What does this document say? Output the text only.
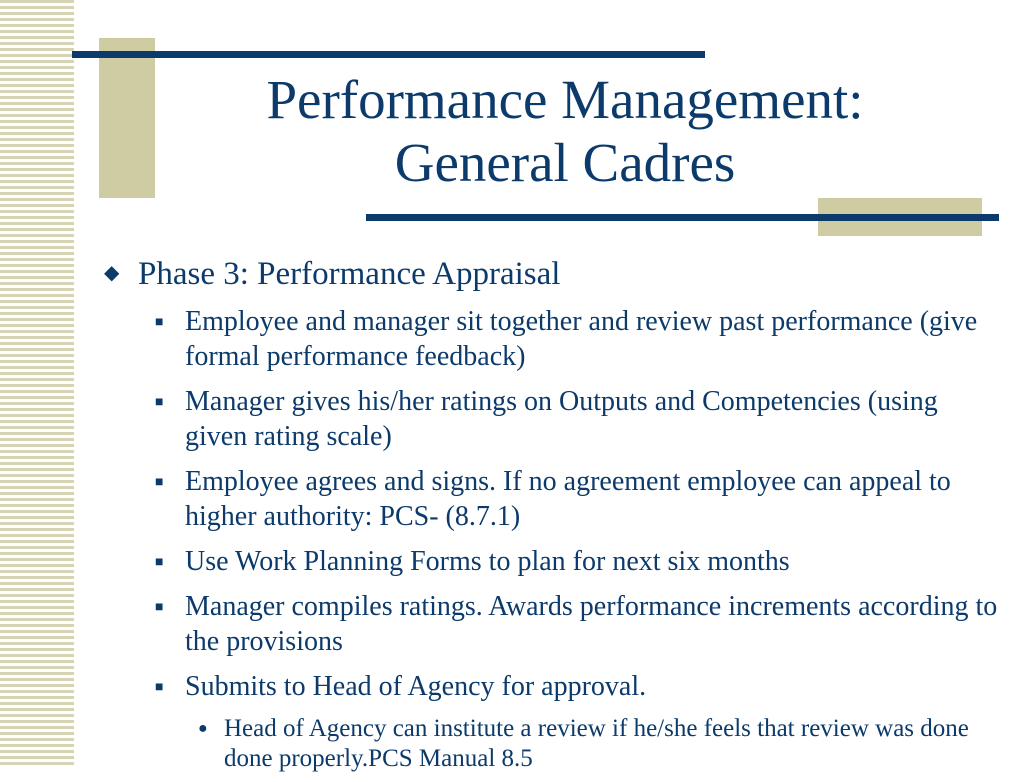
Performance Management:
General Cadres
◆ Phase 3: Performance Appraisal
■ Employee and manager sit together and review past performance (give formal performance feedback)
■ Manager gives his/her ratings on Outputs and Competencies (using given rating scale)
■ Employee agrees and signs. If no agreement employee can appeal to higher authority: PCS- (8.7.1)
■ Use Work Planning Forms to plan for next six months
■ Manager compiles ratings. Awards performance increments according to the provisions
■ Submits to Head of Agency for approval.
● Head of Agency can institute a review if he/she feels that review was done done properly.PCS Manual 8.5
